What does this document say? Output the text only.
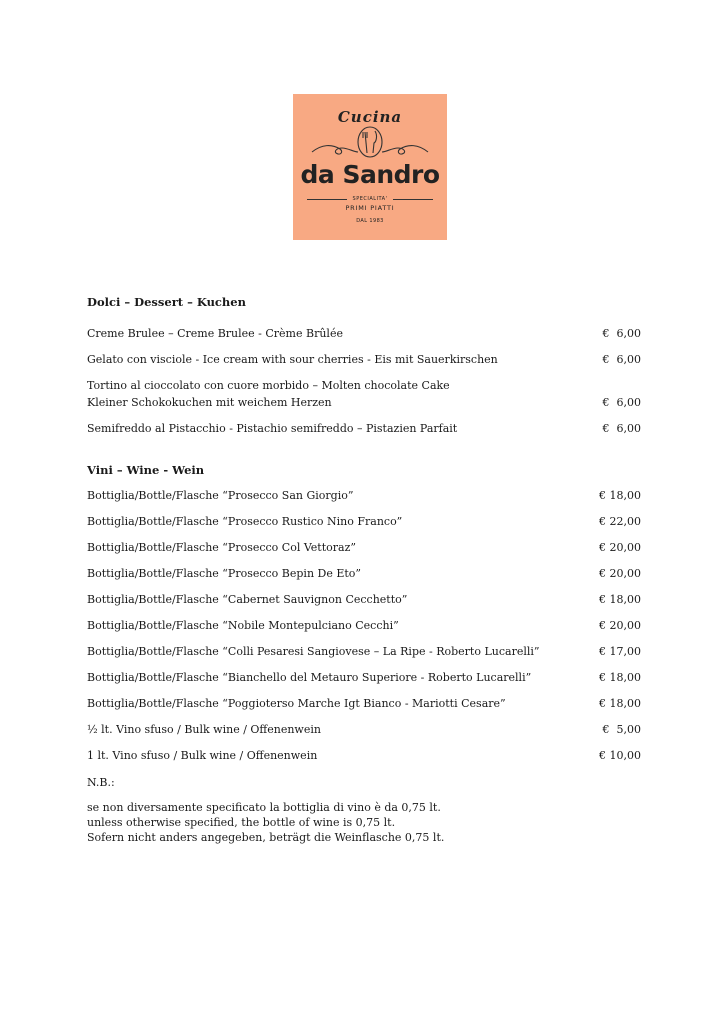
Cucina
da Sandro
SPECIALITA'
PRIMI PIATTI
DAL 1983
Dolci – Dessert – Kuchen
Creme Brulee – Creme Brulee - Crème Brûlée	€  6,00
Gelato con visciole - Ice cream with sour cherries - Eis mit Sauerkirschen	€  6,00
Tortino al cioccolato con cuore morbido – Molten chocolate Cake
Kleiner Schokokuchen mit weichem Herzen	€  6,00
Semifreddo al Pistacchio - Pistachio semifreddo – Pistazien Parfait	€  6,00
Vini – Wine - Wein
Bottiglia/Bottle/Flasche “Prosecco San Giorgio”	€ 18,00
Bottiglia/Bottle/Flasche “Prosecco Rustico Nino Franco”	€ 22,00
Bottiglia/Bottle/Flasche “Prosecco Col Vettoraz”	€ 20,00
Bottiglia/Bottle/Flasche “Prosecco Bepin De Eto”	€ 20,00
Bottiglia/Bottle/Flasche “Cabernet Sauvignon Cecchetto”	€ 18,00
Bottiglia/Bottle/Flasche “Nobile Montepulciano Cecchi”	€ 20,00
Bottiglia/Bottle/Flasche “Colli Pesaresi Sangiovese – La Ripe - Roberto Lucarelli”	€ 17,00
Bottiglia/Bottle/Flasche “Bianchello del Metauro Superiore - Roberto Lucarelli”	€ 18,00
Bottiglia/Bottle/Flasche “Poggioterso Marche Igt Bianco - Mariotti Cesare”	€ 18,00
½ lt. Vino sfuso / Bulk wine / Offenenwein	€  5,00
1 lt. Vino sfuso / Bulk wine / Offenenwein	€ 10,00
N.B.:
se non diversamente specificato la bottiglia di vino è da 0,75 lt.
unless otherwise specified, the bottle of wine is 0,75 lt.
Sofern nicht anders angegeben, beträgt die Weinflasche 0,75 lt.
